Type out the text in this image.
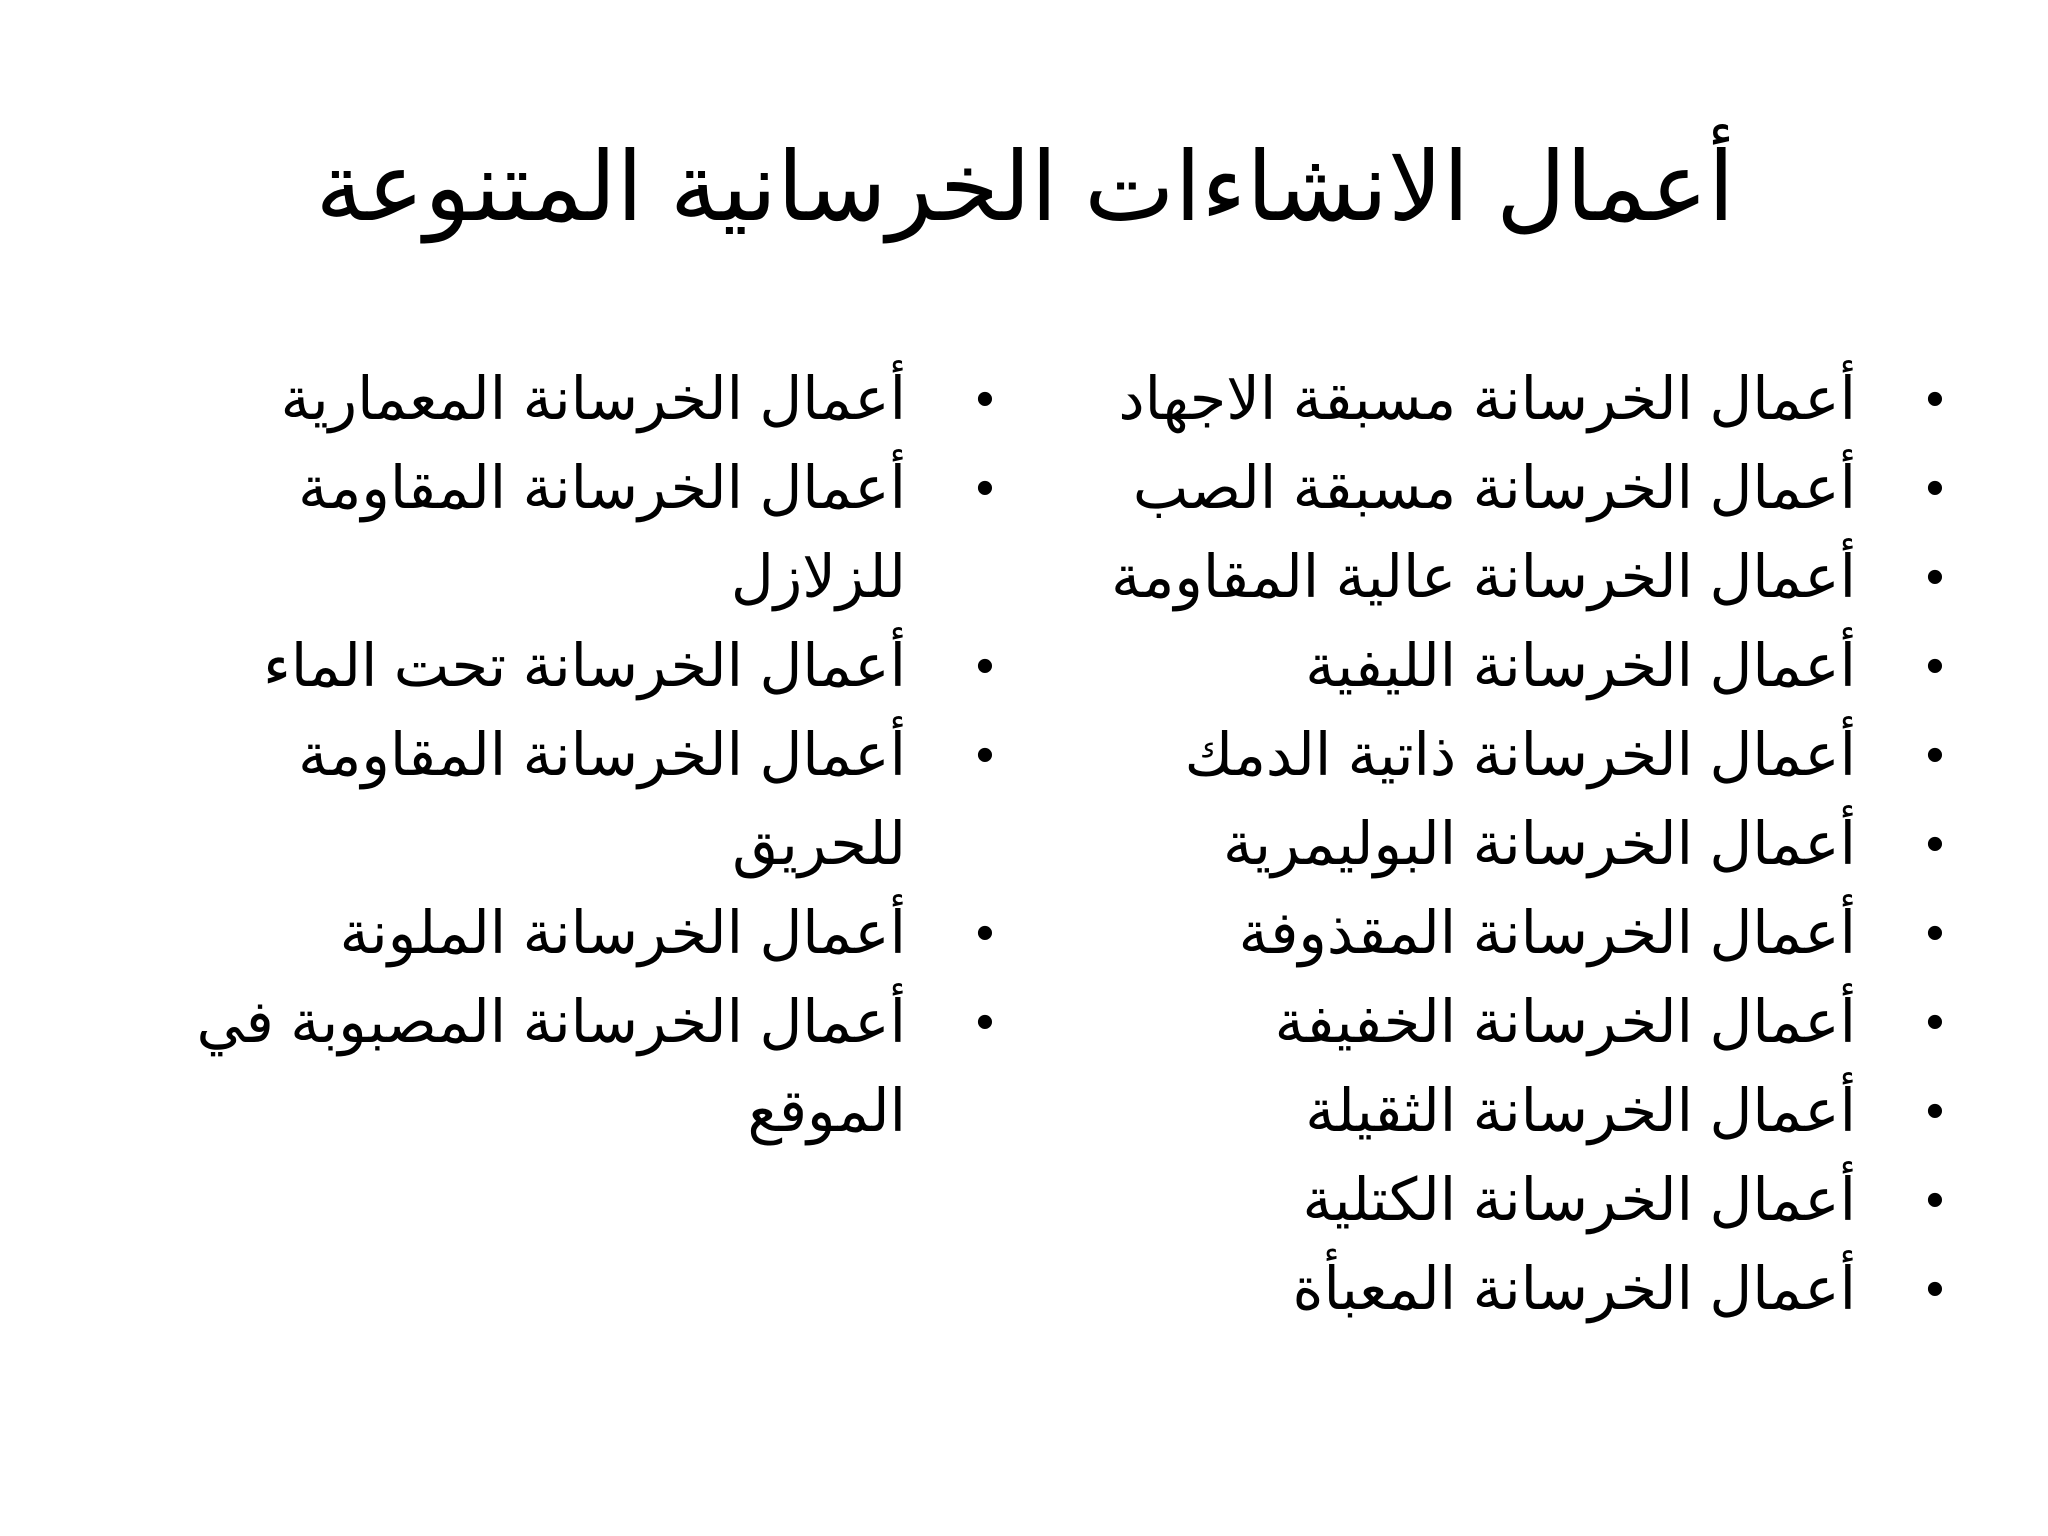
أعمال الانشاءات الخرسانية المتنوعة
•
أعمال الخرسانة مسبقة الاجهاد
•
أعمال الخرسانة مسبقة الصب
•
أعمال الخرسانة عالية المقاومة
•
أعمال الخرسانة الليفية
•
أعمال الخرسانة ذاتية الدمك
•
أعمال الخرسانة البوليمرية
•
أعمال الخرسانة المقذوفة
•
أعمال الخرسانة الخفيفة
•
أعمال الخرسانة الثقيلة
•
أعمال الخرسانة الكتلية
•
أعمال الخرسانة المعبأة
•
أعمال الخرسانة المعمارية
•
أعمال الخرسانة المقاومة للزلازل
•
أعمال الخرسانة تحت الماء
•
أعمال الخرسانة المقاومة للحريق
•
أعمال الخرسانة الملونة
•
أعمال الخرسانة المصبوبة في الموقع
